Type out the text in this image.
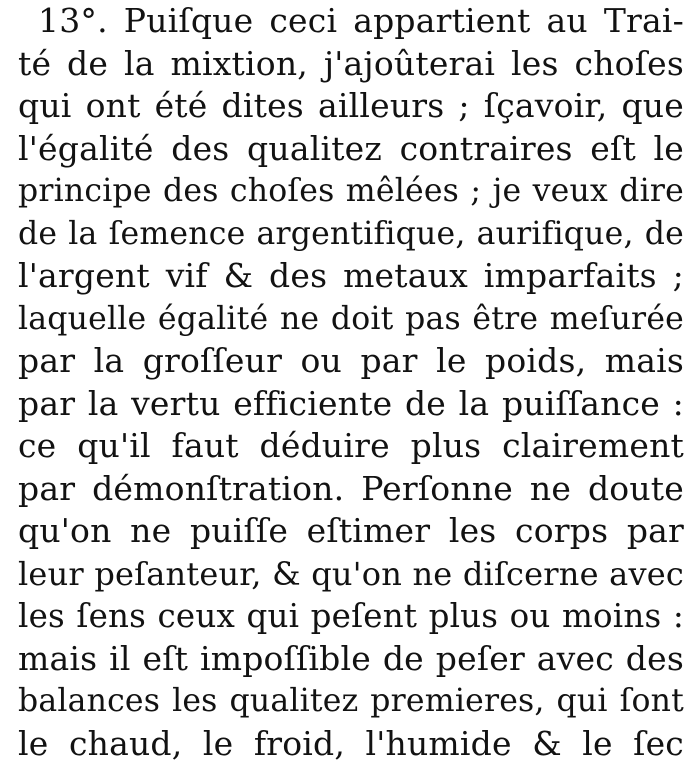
13°. Puiſque ceci appartient au Trai-
té de la mixtion, j'ajoûterai les choſes
qui ont été dites ailleurs ; ſçavoir, que
l'égalité des qualitez contraires eſt le
principe des choſes mêlées ; je veux dire
de la ſemence argentifique, aurifique, de
l'argent vif & des metaux imparfaits ;
laquelle égalité ne doit pas être meſurée
par la groſſeur ou par le poids, mais
par la vertu efficiente de la puiſſance :
ce qu'il faut déduire plus clairement
par démonſtration. Perſonne ne doute
qu'on ne puiſſe eſtimer les corps par
leur peſanteur, & qu'on ne diſcerne avec
les ſens ceux qui peſent plus ou moins :
mais il eſt impoſſible de peſer avec des
balances les qualitez premieres, qui ſont
le chaud, le froid, l'humide & le ſec
